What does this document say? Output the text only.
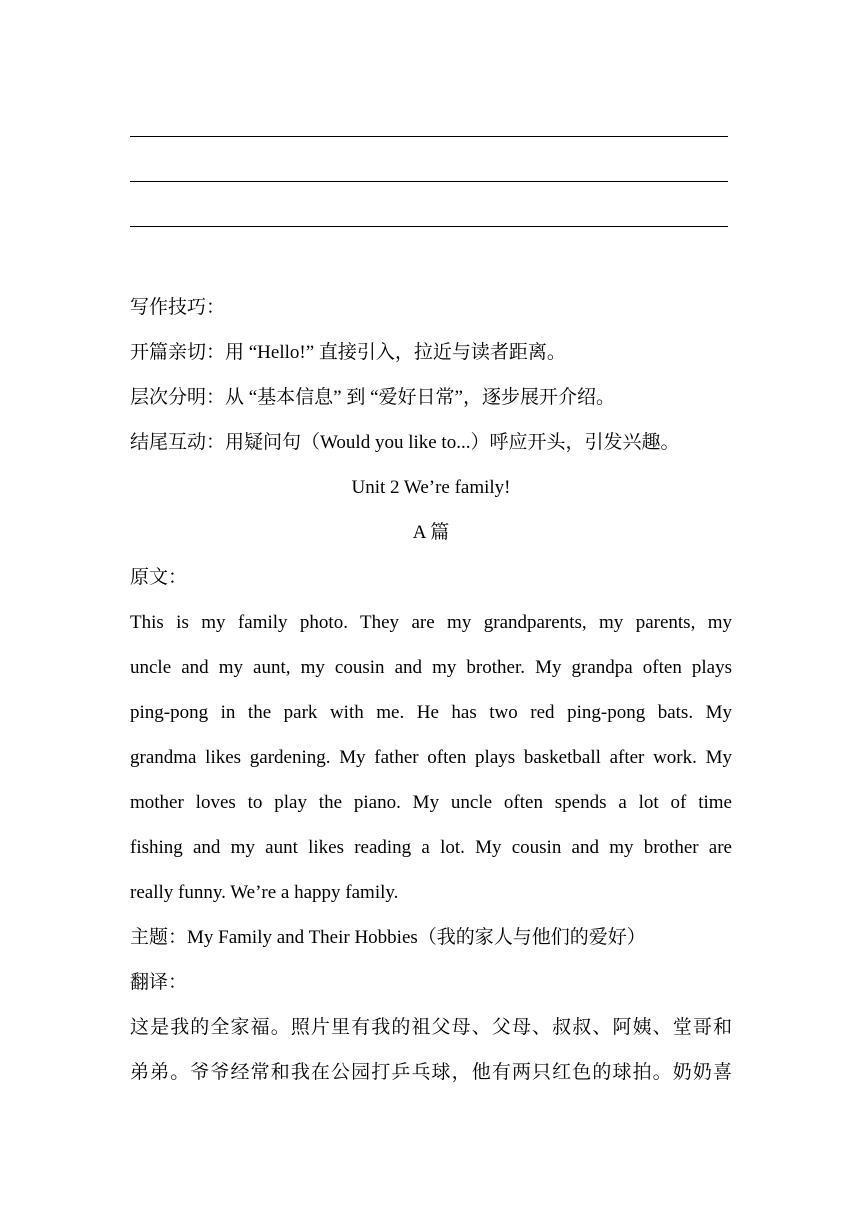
写作技巧：
开篇亲切：用 “Hello!” 直接引入，拉近与读者距离。
层次分明：从 “基本信息” 到 “爱好日常”，逐步展开介绍。
结尾互动：用疑问句（Would you like to...）呼应开头，引发兴趣。
Unit 2 We’re family!
A 篇
原文：
This is my family photo. They are my grandparents, my parents, my
uncle and my aunt, my cousin and my brother. My grandpa often plays
ping-pong in the park with me. He has two red ping-pong bats. My
grandma likes gardening. My father often plays basketball after work. My
mother loves to play the piano. My uncle often spends a lot of time
fishing and my aunt likes reading a lot. My cousin and my brother are
really funny. We’re a happy family.
主题：My Family and Their Hobbies（我的家人与他们的爱好）
翻译：
这是我的全家福。照片里有我的祖父母、父母、叔叔、阿姨、堂哥和
弟弟。爷爷经常和我在公园打乒乓球，他有两只红色的球拍。奶奶喜
